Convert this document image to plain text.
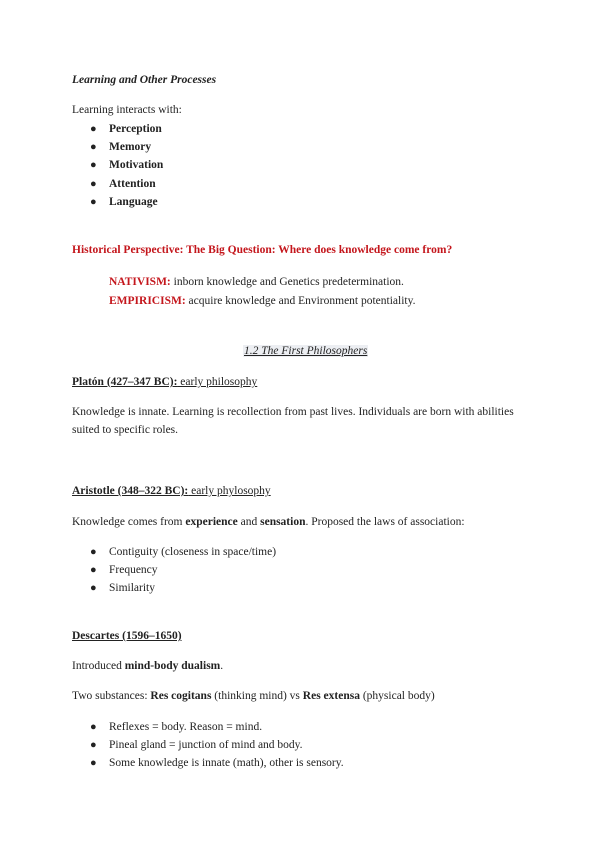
Learning and Other Processes
Learning interacts with:
● Perception
● Memory
● Motivation
● Attention
● Language
Historical Perspective: The Big Question: Where does knowledge come from?
NATIVISM: inborn knowledge and Genetics predetermination.
EMPIRICISM: acquire knowledge and Environment potentiality.
1.2 The First Philosophers
Platón (427–347 BC): early philosophy
Knowledge is innate. Learning is recollection from past lives. Individuals are born with abilities
suited to specific roles.
Aristotle (348–322 BC): early phylosophy
Knowledge comes from experience and sensation. Proposed the laws of association:
● Contiguity (closeness in space/time)
● Frequency
● Similarity
Descartes (1596–1650)
Introduced mind-body dualism.
Two substances: Res cogitans (thinking mind) vs Res extensa (physical body)
● Reflexes = body. Reason = mind.
● Pineal gland = junction of mind and body.
● Some knowledge is innate (math), other is sensory.
